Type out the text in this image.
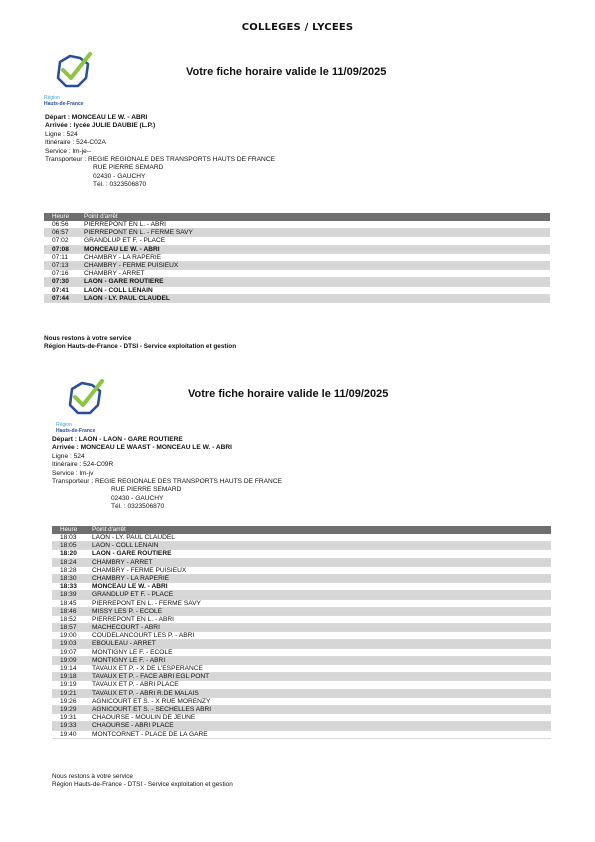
COLLEGES / LYCEES
Région
Hauts-de-France
Votre fiche horaire valide le 11/09/2025
Départ : MONCEAU LE W. - ABRI
Arrivée : lycée JULIE DAUBIE (L.P.)
Ligne : 524
Itinéraire : 524-C02A
Service : lm-je--
Transporteur : REGIE REGIONALE DES TRANSPORTS HAUTS DE FRANCE
RUE PIERRE SEMARD
02430 - GAUCHY
Tél. : 0323506870
Heure	Point d'arrêt
06:56	PIERREPONT EN L. - ABRI
06:57	PIERREPONT EN L. - FERME SAVY
07:02	GRANDLUP ET F. - PLACE
07:08	MONCEAU LE W. - ABRI
07:11	CHAMBRY - LA RAPERIE
07:13	CHAMBRY - FERME PUISIEUX
07:16	CHAMBRY - ARRET
07:30	LAON - GARE ROUTIERE
07:41	LAON - COLL LENAIN
07:44	LAON - LY. PAUL CLAUDEL
Nous restons à votre service
Région Hauts-de-France - DTSI - Service exploitation et gestion
Région
Hauts-de-France
Votre fiche horaire valide le 11/09/2025
Départ : LAON - LAON - GARE ROUTIERE
Arrivée : MONCEAU LE WAAST - MONCEAU LE W. - ABRI
Ligne : 524
Itinéraire : 524-C09R
Service : lm-jv
Transporteur : REGIE REGIONALE DES TRANSPORTS HAUTS DE FRANCE
RUE PIERRE SEMARD
02430 - GAUCHY
Tél. : 0323506870
Heure	Point d'arrêt
18:03	LAON - LY. PAUL CLAUDEL
18:05	LAON - COLL LENAIN
18:20	LAON - GARE ROUTIERE
18:24	CHAMBRY - ARRET
18:28	CHAMBRY - FERME PUISIEUX
18:30	CHAMBRY - LA RAPERIE
18:33	MONCEAU LE W. - ABRI
18:39	GRANDLUP ET F. - PLACE
18:45	PIERREPONT EN L. - FERME SAVY
18:46	MISSY LES P. - ECOLE
18:52	PIERREPONT EN L. - ABRI
18:57	MACHECOURT - ABRI
19:00	COUDELANCOURT LES P. - ABRI
19:03	EBOULEAU - ARRET
19:07	MONTIGNY LE F. - ECOLE
19:09	MONTIGNY LE F. - ABRI
19:14	TAVAUX ET P. - X DE L'ESPERANCE
19:18	TAVAUX ET P. - FACE ABRI EGL PONT
19:19	TAVAUX ET P. - ABRI PLACE
19:21	TAVAUX ET P. - ABRI R.DE MALAIS
19:26	AGNICOURT ET S. - X RUE MORENZY
19:29	AGNICOURT ET S. - SECHELLES ABRI
19:31	CHAOURSE - MOULIN DE JEUNE
19:33	CHAOURSE - ABRI PLACE
19:40	MONTCORNET - PLACE DE LA GARE
Nous restons à votre service
Région Hauts-de-France - DTSI - Service exploitation et gestion
